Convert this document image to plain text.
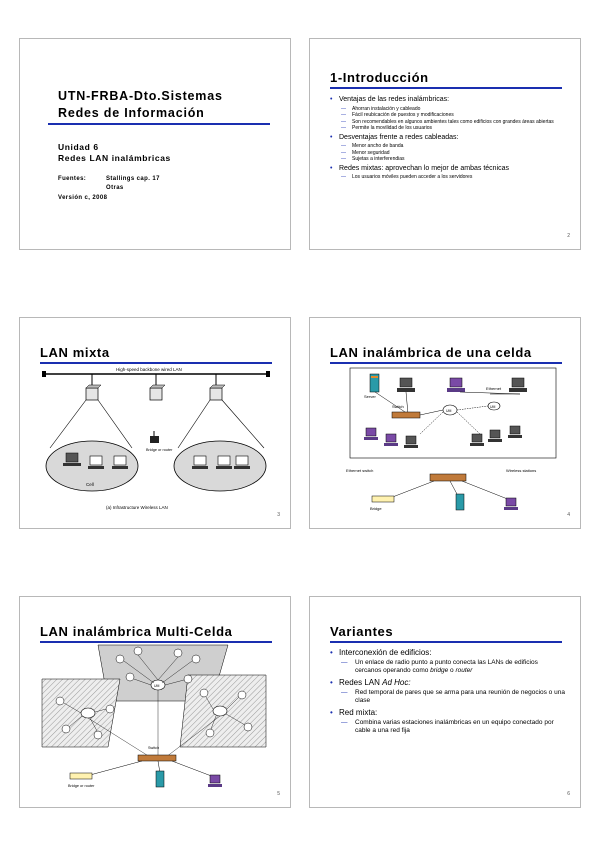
UTN-FRBA-Dto.Sistemas
Redes de Información
Unidad 6
Redes LAN inalámbricas
Fuentes:	Stallings cap. 17
Otras
Versión c, 2008
1-Introducción
• Ventajas de las redes inalámbricas:
— Ahorran instalación y cableado
— Fácil reubicación de puestos y modificaciones
— Son recomendables en algunos ambientes tales como edificios con grandes áreas abiertas
— Permite la movilidad de los usuarios
• Desventajas frente a redes cableadas:
— Menor ancho de banda
— Menor seguridad
— Sujetas a interferendias
• Redes mixtas: aprovechan lo mejor de ambas técnicas
— Los usuarios móviles pueden acceder a los servidores
2
LAN mixta
High-speed backbone wired LAN
Bridge or router
Cell
(a) Infrastructure Wireless LAN
3
LAN inalámbrica de una celda
Server
Ethernet
Switch
UM
UM
Ethernet switch	Wireless stations
Bridge
4
LAN inalámbrica Multi-Celda
UM
Switch
Bridge or router
5
Variantes
• Interconexión de edificios:
— Un enlace de radio punto a punto conecta las LANs de edificios cercanos operando como bridge o router
• Redes LAN Ad Hoc:
— Red temporal de pares que se arma para una reunión de negocios o una clase
• Red mixta:
— Combina varias estaciones inalámbricas en un equipo conectado por cable a una red fija
6
